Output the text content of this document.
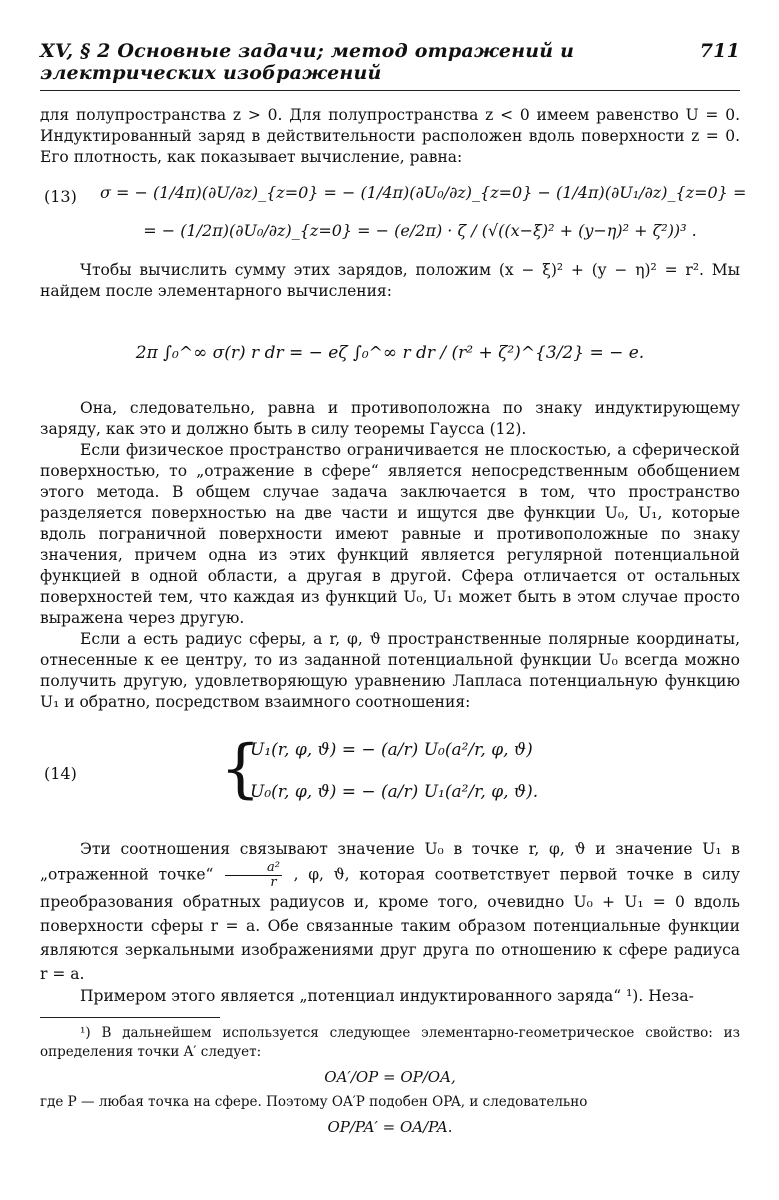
XV, § 2 Основные задачи; метод отражений и электрических изображений
711

для полупространства z > 0. Для полупространства z < 0 имеем равенство U = 0. Индуктированный заряд в действительности расположен вдоль поверхности z = 0. Его плотность, как показывает вычисление, равна:

(13)	σ = − (1/4π)(∂U/∂z)_{z=0} = − (1/4π)(∂U₀/∂z)_{z=0} − (1/4π)(∂U₁/∂z)_{z=0} =
= − (1/2π)(∂U₀/∂z)_{z=0} = − (e/2π) · ζ / (√((x−ξ)² + (y−η)² + ζ²))³ .

Чтобы вычислить сумму этих зарядов, положим (x − ξ)² + (y − η)² = r². Мы найдем после элементарного вычисления:

2π ∫₀^∞ σ(r) r dr = − eζ ∫₀^∞ r dr / (r² + ζ²)^{3/2} = − e.

Она, следовательно, равна и противоположна по знаку индуктирующему заряду, как это и должно быть в силу теоремы Гаусса (12).

Если физическое пространство ограничивается не плоскостью, а сферической поверхностью, то „отражение в сфере“ является непосредственным обобщением этого метода. В общем случае задача заключается в том, что пространство разделяется поверхностью на две части и ищутся две функции U₀, U₁, которые вдоль пограничной поверхности имеют равные и противоположные по знаку значения, причем одна из этих функций является регулярной потенциальной функцией в одной области, а другая в другой. Сфера отличается от остальных поверхностей тем, что каждая из функций U₀, U₁ может быть в этом случае просто выражена через другую.

Если a есть радиус сферы, а r, φ, ϑ пространственные полярные координаты, отнесенные к ее центру, то из заданной потенциальной функции U₀ всегда можно получить другую, удовлетворяющую уравнению Лапласа потенциальную функцию U₁ и обратно, посредством взаимного соотношения:

(14) {
U₁(r, φ, ϑ) = − (a/r) U₀(a²/r, φ, ϑ)
U₀(r, φ, ϑ) = − (a/r) U₁(a²/r, φ, ϑ).

Эти соотношения связывают значение U₀ в точке r, φ, ϑ и значение U₁ в „отраженной точке“ $\frac{\text{a²}}{r}$ , φ, ϑ, которая соответствует первой точке в силу преобразования обратных радиусов и, кроме того, очевидно U₀ + U₁ = 0 вдоль поверхности сферы r = a. Обе связанные таким образом потенциальные функции являются зеркальными изображениями друг друга по отношению к сфере радиуса r = a.

Примером этого является „потенциал индуктированного заряда“ ¹). Неза-

¹) В дальнейшем используется следующее элементарно-геометрическое свойство: из определения точки A′ следует:

OA′/OP = OP/OA,

где P — любая точка на сфере. Поэтому OA′P подобен OPA, и следовательно

OP/PA′ = OA/PA.
